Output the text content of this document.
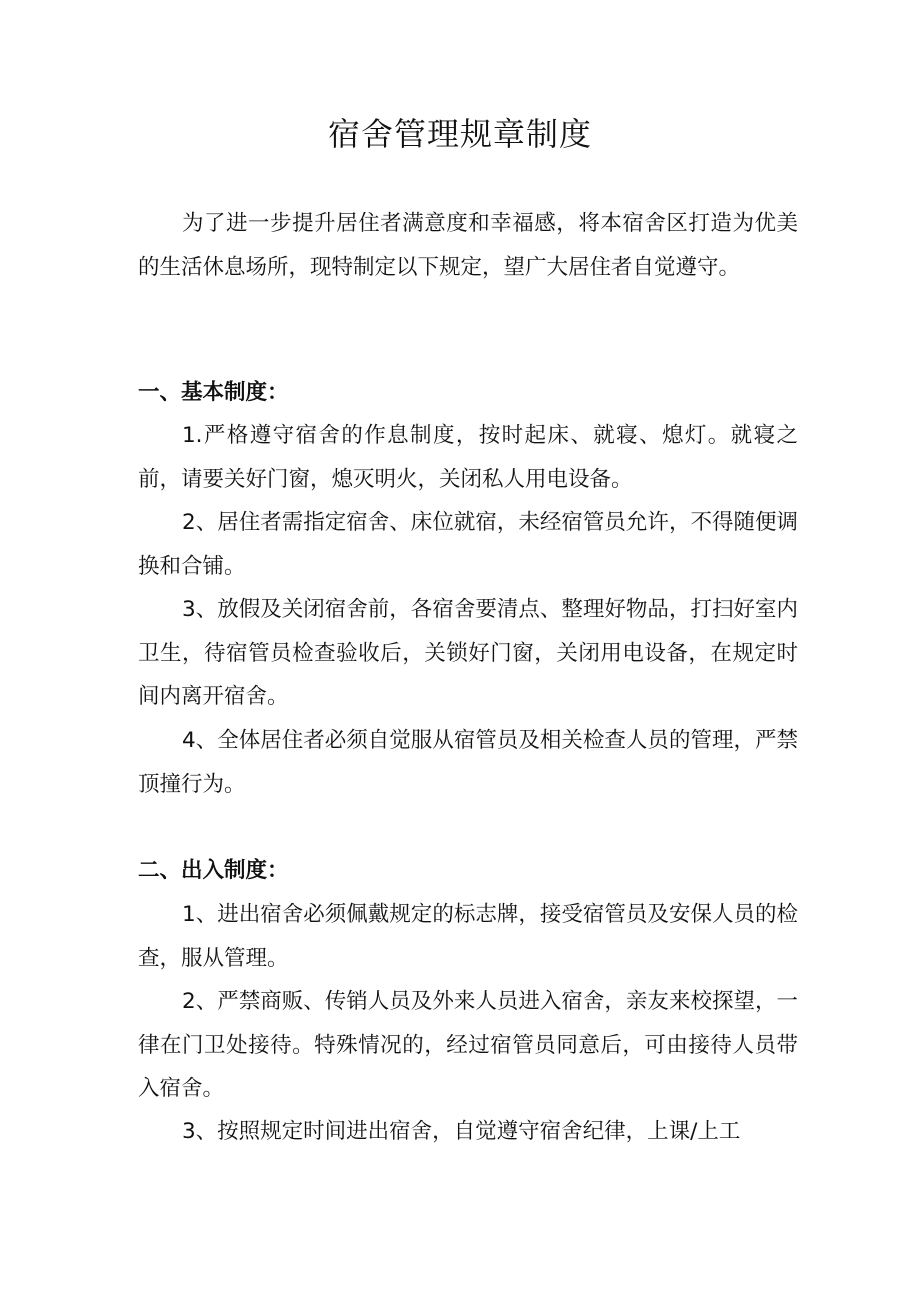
宿舍管理规章制度

为了进一步提升居住者满意度和幸福感，将本宿舍区打造为优美的生活休息场所，现特制定以下规定，望广大居住者自觉遵守。

一、基本制度：

1.严格遵守宿舍的作息制度，按时起床、就寝、熄灯。就寝之前，请要关好门窗，熄灭明火，关闭私人用电设备。

2、居住者需指定宿舍、床位就宿，未经宿管员允许，不得随便调换和合铺。

3、放假及关闭宿舍前，各宿舍要清点、整理好物品，打扫好室内卫生，待宿管员检查验收后，关锁好门窗，关闭用电设备，在规定时间内离开宿舍。

4、全体居住者必须自觉服从宿管员及相关检查人员的管理，严禁顶撞行为。

二、出入制度：

1、进出宿舍必须佩戴规定的标志牌，接受宿管员及安保人员的检查，服从管理。

2、严禁商贩、传销人员及外来人员进入宿舍，亲友来校探望，一律在门卫处接待。特殊情况的，经过宿管员同意后，可由接待人员带入宿舍。

3、按照规定时间进出宿舍，自觉遵守宿舍纪律，上课/上工
